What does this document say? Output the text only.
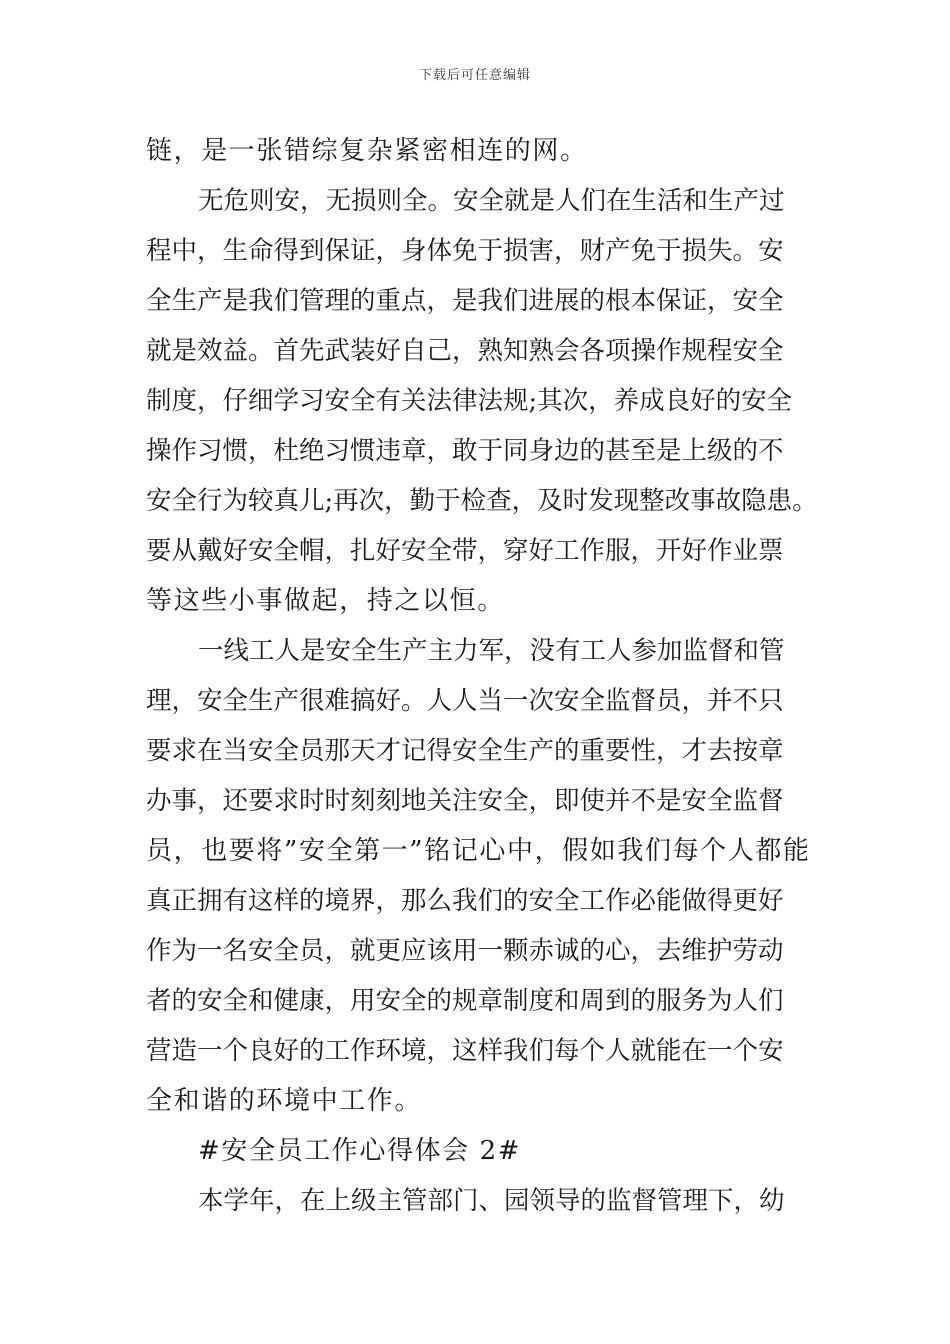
下载后可任意编辑
链，是一张错综复杂紧密相连的网。
无危则安，无损则全。安全就是人们在生活和生产过
程中，生命得到保证，身体免于损害，财产免于损失。安
全生产是我们管理的重点，是我们进展的根本保证，安全
就是效益。首先武装好自己，熟知熟会各项操作规程安全
制度，仔细学习安全有关法律法规;其次，养成良好的安全
操作习惯，杜绝习惯违章，敢于同身边的甚至是上级的不
安全行为较真儿;再次，勤于检查，及时发现整改事故隐患。
要从戴好安全帽，扎好安全带，穿好工作服，开好作业票
等这些小事做起，持之以恒。
一线工人是安全生产主力军，没有工人参加监督和管
理，安全生产很难搞好。人人当一次安全监督员，并不只
要求在当安全员那天才记得安全生产的重要性，才去按章
办事，还要求时时刻刻地关注安全，即使并不是安全监督
员，也要将”安全第一”铭记心中，假如我们每个人都能
真正拥有这样的境界，那么我们的安全工作必能做得更好
作为一名安全员，就更应该用一颗赤诚的心，去维护劳动
者的安全和健康，用安全的规章制度和周到的服务为人们
营造一个良好的工作环境，这样我们每个人就能在一个安
全和谐的环境中工作。
#安全员工作心得体会 2#
本学年，在上级主管部门、园领导的监督管理下，幼
